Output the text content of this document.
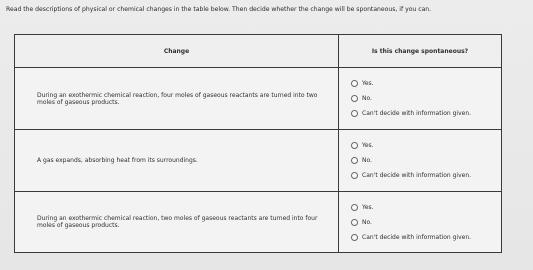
Read the descriptions of physical or chemical changes in the table below. Then decide whether the change will be spontaneous, if you can.
Change	Is this change spontaneous?
During an exothermic chemical reaction, four moles of gaseous reactants are turned into two moles of gaseous products.	Yes.
No.
Can't decide with information given.

A gas expands, absorbing heat from its surroundings.	Yes.
No.
Can't decide with information given.

During an exothermic chemical reaction, two moles of gaseous reactants are turned into four moles of gaseous products.	Yes.
No.
Can't decide with information given.
